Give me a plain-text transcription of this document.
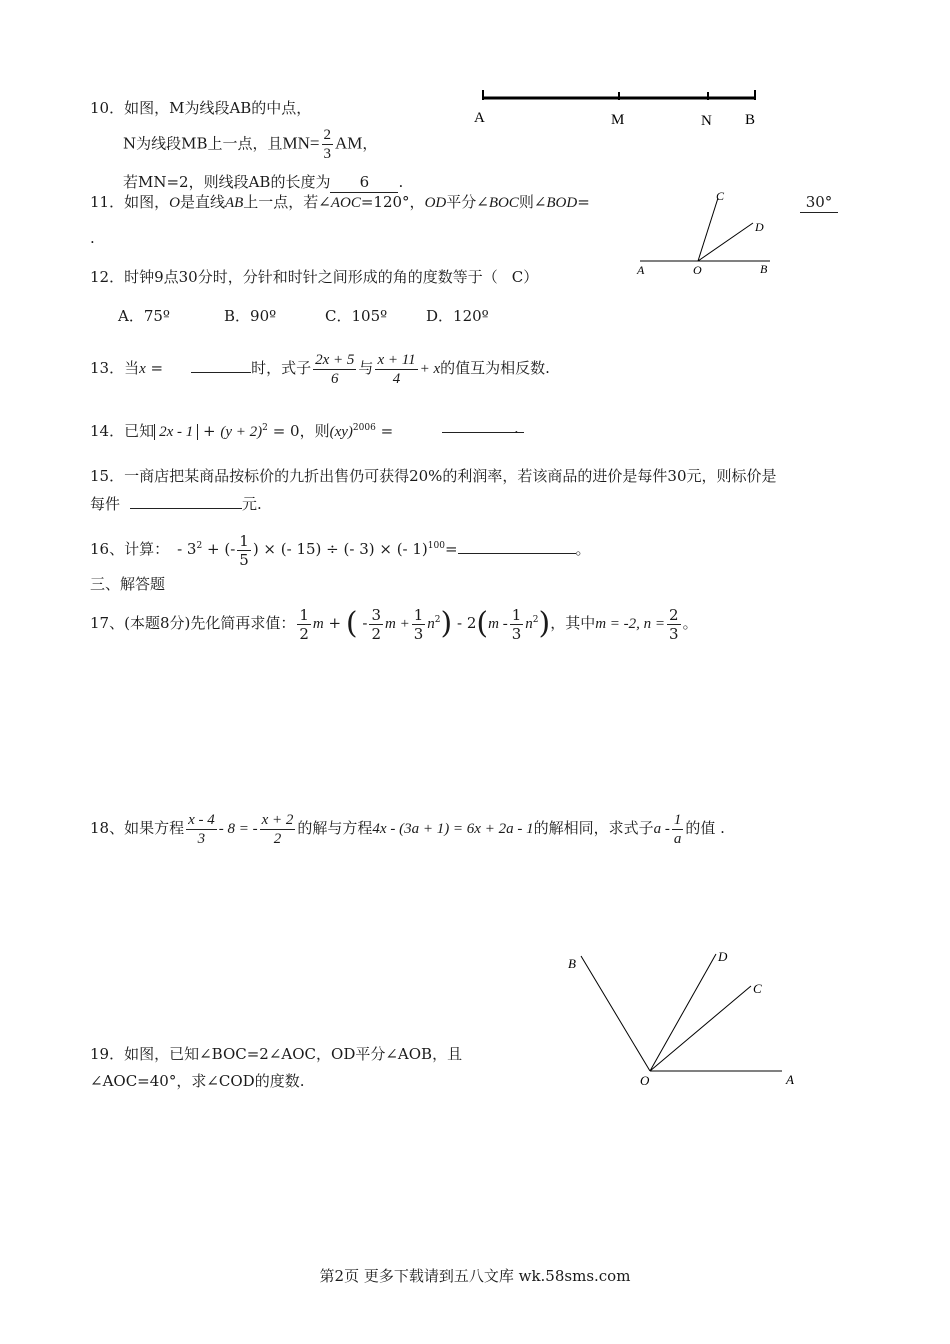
10．如图，M为线段AB的中点，
N为线段MB上一点，且$MN= \frac{2}{3}$ AM，
若MN=2，则线段AB的长度为 6 .
A	M	N B
11．如图，O是直线AB上一点，若∠AOC=120°，OD平分∠BOC则∠BOD=	30°
.
A	O	B
C
D
12．时钟9点30分时，分针和时针之间形成的角的度数等于（ C）
A．75º	B．90º	C．105º	D．120º
13．当x =	时，式子 $\frac{2x + 5}{6}$ 与 $\frac{x + 11}{4} + x$的值互为相反数.
14．已知 $2x - 1 + (y + 2)^2 = 0$，则(xy)$^{2006}$ =	.
15．一商店把某商品按标价的九折出售仍可获得20%的利润率，若该商品的进价是每件30元，则标价是
每件	元.
16、计算： - $3^2$ + (- $\frac{1}{5}$ ) × (- 15) ÷ (- 3) × (- 1)$^{100}$=	。
三、解答题
17、(本题8分)先化简再求值： $\frac{1}{2}$ m + ( - $\frac{3}{2}$ $m + \frac{1}{3} n^2) - 2(m - \frac{1}{3} n^2)$，其中m = -2, $n = \frac{2}{3}$ 。
18、如果方程 $\frac{x - 4}{3} - 8$ = - $\frac{x + 2}{2}$ 的解与方程4x - (3a + 1) = 6x + 2a - 1的解相同，求式子a - $\frac{1}{a}$ 的值 .
19．如图，已知∠BOC=2∠AOC，OD平分∠AOB，且
∠AOC=40°，求∠COD的度数.
B	D
C
O	A
第2页 更多下载请到五八文库 wk.58sms.com
